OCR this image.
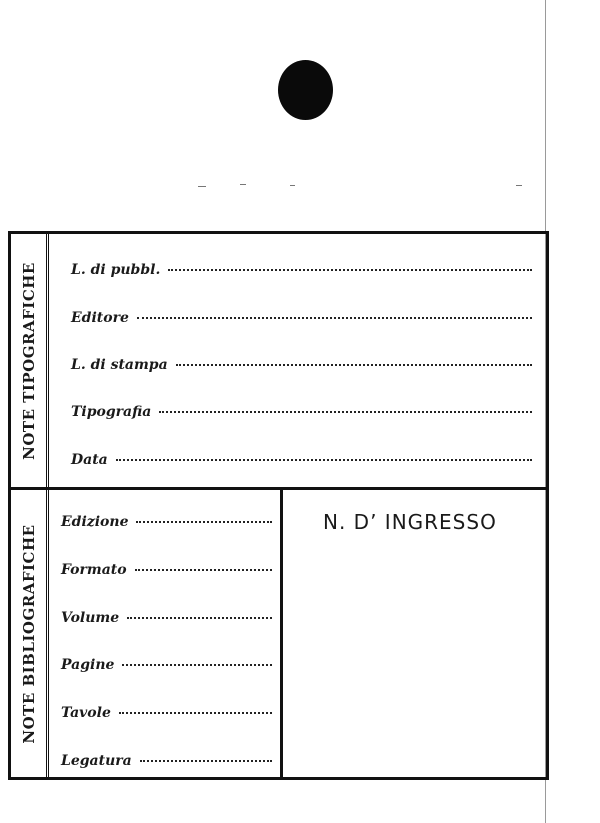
NOTE TIPOGRAFICHE L. di pubbl.
Editore
L. di stampa
Tipografia
Data
NOTE BIBLIOGRAFICHE
Edizione
Formato
Volume
Pagine
Tavole
Legatura
N. D’ INGRESSO
